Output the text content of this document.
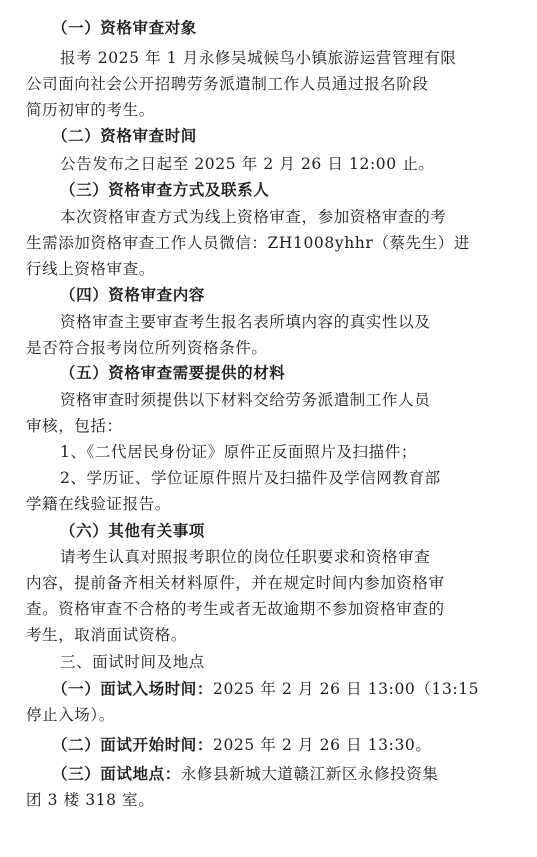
（一）资格审查对象
报考 2025 年 1 月永修吴城候鸟小镇旅游运营管理有限
公司面向社会公开招聘劳务派遣制工作人员通过报名阶段
简历初审的考生。
（二）资格审查时间
公告发布之日起至 2025 年 2 月 26 日 12:00 止。
（三）资格审查方式及联系人
本次资格审查方式为线上资格审查，参加资格审查的考
生需添加资格审查工作人员微信：ZH1008yhhr（蔡先生）进
行线上资格审查。
（四）资格审查内容
资格审查主要审查考生报名表所填内容的真实性以及
是否符合报考岗位所列资格条件。
（五）资格审查需要提供的材料
资格审查时须提供以下材料交给劳务派遣制工作人员
审核，包括：
1、《二代居民身份证》原件正反面照片及扫描件；
2、学历证、学位证原件照片及扫描件及学信网教育部
学籍在线验证报告。
（六）其他有关事项
请考生认真对照报考职位的岗位任职要求和资格审查
内容，提前备齐相关材料原件，并在规定时间内参加资格审
查。资格审查不合格的考生或者无故逾期不参加资格审查的
考生，取消面试资格。
三、面试时间及地点
（一）面试入场时间：2025 年 2 月 26 日 13:00（13:15
停止入场）。
（二）面试开始时间：2025 年 2 月 26 日 13:30。
（三）面试地点：永修县新城大道赣江新区永修投资集
团 3 楼 318 室。
